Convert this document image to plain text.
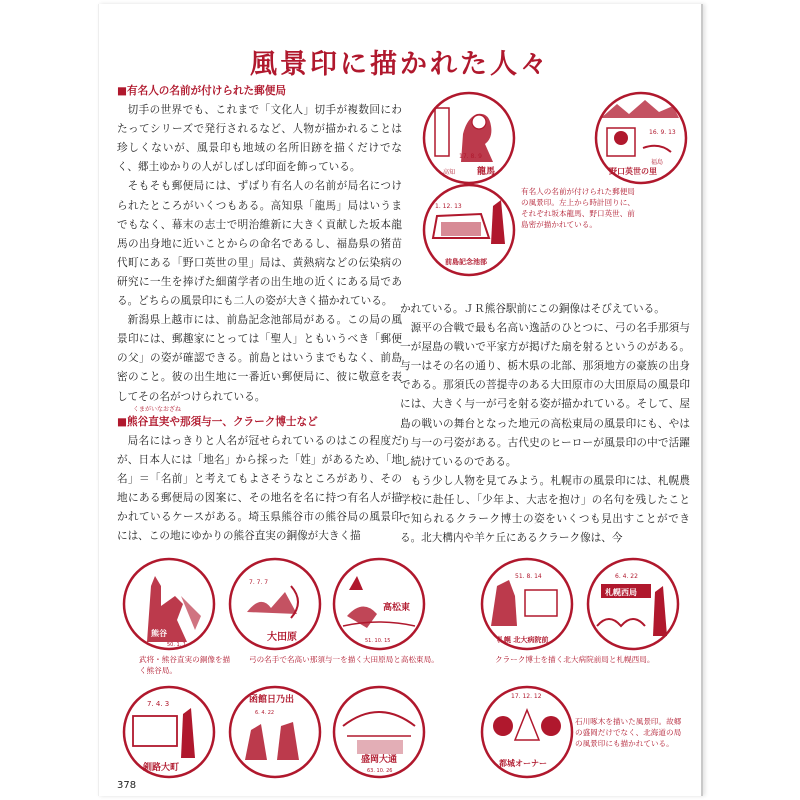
風景印に描かれた人々
■有名人の名前が付けられた郵便局

切手の世界でも、これまで「文化人」切手が複数回にわたってシリーズで発行されるなど、人物が描かれることは珍しくないが、風景印も地域の名所旧跡を描くだけでなく、郷土ゆかりの人がしばしば印面を飾っている。

そもそも郵便局には、ずばり有名人の名前が局名につけられたところがいくつもある。高知県「龍馬」局はいうまでもなく、幕末の志士で明治維新に大きく貢献した坂本龍馬の出身地に近いことからの命名であるし、福島県の猪苗代町にある「野口英世の里」局は、黄熱病などの伝染病の研究に一生を捧げた細菌学者の出生地の近くにある局である。どちらの風景印にも二人の姿が大きく描かれている。

新潟県上越市には、前島記念池部局がある。この局の風景印には、郵趣家にとっては「聖人」ともいうべき「郵便の父」の姿が確認できる。前島とはいうまでもなく、前島密のこと。彼の出生地に一番近い郵便局に、彼に敬意を表してその名がつけられている。

くまがいなおざね
■熊谷直実や那須与一、クラーク博士など

局名にはっきりと人名が冠せられているのはこの程度だが、日本人には「地名」から採った「姓」があるため、「地名」＝「名前」と考えてもよさそうなところがあり、その地にある郵便局の図案に、その地名を名に持つ有名人が描かれているケースがある。埼玉県熊谷市の熊谷局の風景印には、この地にゆかりの熊谷直実の銅像が大きく描

かれている。ＪＲ熊谷駅前にこの銅像はそびえている。

源平の合戦で最も名高い逸話のひとつに、弓の名手那須与一が屋島の戦いで平家方が掲げた扇を射るというのがある。与一はその名の通り、栃木県の北部、那須地方の豪族の出身である。那須氏の菩提寺のある大田原市の大田原局の風景印には、大きく与一が弓を射る姿が描かれている。そして、屋島の戦いの舞台となった地元の高松東局の風景印にも、やはり与一の弓姿がある。古代史のヒーローが風景印の中で活躍し続けているのである。

もう少し人物を見てみよう。札幌市の風景印には、札幌農学校に赴任し、「少年よ、大志を抱け」の名句を残したことで知られるクラーク博士の姿をいくつも見出すことができる。北大構内や羊ケ丘にあるクラーク像は、今

17. 8. 9
龍馬
高知
16. 9. 13
野口英世の里
福島
1. 12. 13
前島記念池部
有名人の名前が付けられた郵便局の風景印。左上から時計回りに、それぞれ坂本龍馬、野口英世、前島密が描かれている。
熊谷
50. 1. 1
7. 7. 7
大田原
高松東
51. 10. 15
51. 8. 14
札幌 北大病院前
6. 4. 22
札幌西局
武将・熊谷直実の銅像を描く熊谷局。
弓の名手で名高い那須与一を描く大田原局と高松東局。	クラーク博士を描く北大病院前局と札幌西局。
7. 4. 3
釧路大町
函館日乃出
6. 4. 22
盛岡大通
63. 10. 26
17. 12. 12
都城オーナー
石川啄木を描いた風景印。故郷の盛岡だけでなく、北海道の局の風景印にも描かれている。
378
